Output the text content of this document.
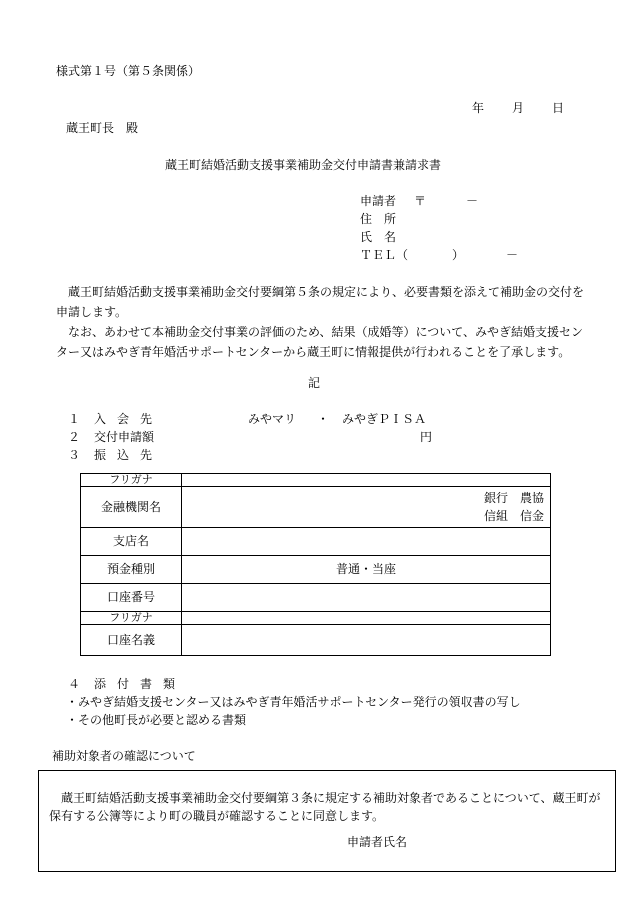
様式第１号（第５条関係）
年 月 日
蔵王町長　殿
蔵王町結婚活動支援事業補助金交付申請書兼請求書
申請者 〒	－
住　所
氏　名
ＴＥＬ（	）	－

蔵王町結婚活動支援事業補助金交付要綱第５条の規定により、必要書類を添えて補助金の交付を申請します。

なお、あわせて本補助金交付事業の評価のため、結果（成婚等）について、みやぎ結婚支援センター又はみやぎ青年婚活サポートセンターから蔵王町に情報提供が行われることを了承します。

記
１ 入 会 先	みやマリ ・ みやぎＰＩＳＡ
２ 交付申請額	円
３ 振 込 先
フリガナ	
金融機関名	銀行　農協
信組　信金

支店名	
預金種別	普通・当座
口座番号	
フリガナ	
口座名義	
４ 添 付 書 類
・みやぎ結婚支援センター又はみやぎ青年婚活サポートセンター発行の領収書の写し
・その他町長が必要と認める書類
補助対象者の確認について
蔵王町結婚活動支援事業補助金交付要綱第３条に規定する補助対象者であることについて、蔵王町が保有する公簿等により町の職員が確認することに同意します。
申請者氏名
